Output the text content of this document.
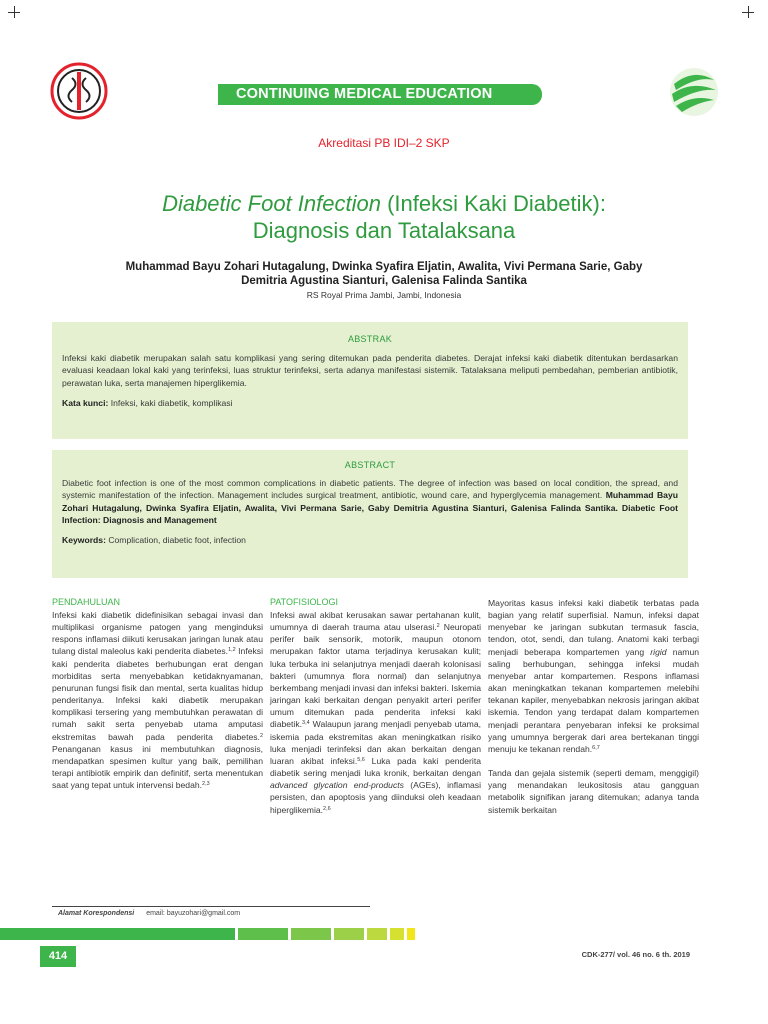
CONTINUING MEDICAL EDUCATION
Akreditasi PB IDI–2 SKP
Diabetic Foot Infection (Infeksi Kaki Diabetik):
Diagnosis dan Tatalaksana
Muhammad Bayu Zohari Hutagalung, Dwinka Syafira Eljatin, Awalita, Vivi Permana Sarie, Gaby
Demitria Agustina Sianturi, Galenisa Falinda Santika
RS Royal Prima Jambi, Jambi, Indonesia
ABSTRAK

Infeksi kaki diabetik merupakan salah satu komplikasi yang sering ditemukan pada penderita diabetes. Derajat infeksi kaki diabetik ditentukan berdasarkan evaluasi keadaan lokal kaki yang terinfeksi, luas struktur terinfeksi, serta adanya manifestasi sistemik. Tatalaksana meliputi pembedahan, pemberian antibiotik, perawatan luka, serta manajemen hiperglikemia.

Kata kunci: Infeksi, kaki diabetik, komplikasi

ABSTRACT

Diabetic foot infection is one of the most common complications in diabetic patients. The degree of infection was based on local condition, the spread, and systemic manifestation of the infection. Management includes surgical treatment, antibiotic, wound care, and hyperglycemia management. Muhammad Bayu Zohari Hutagalung, Dwinka Syafira Eljatin, Awalita, Vivi Permana Sarie, Gaby Demitria Agustina Sianturi, Galenisa Falinda Santika. Diabetic Foot Infection: Diagnosis and Management

Keywords: Complication, diabetic foot, infection

PENDAHULUAN

Infeksi kaki diabetik didefinisikan sebagai invasi dan multiplikasi organisme patogen yang menginduksi respons inflamasi diikuti kerusakan jaringan lunak atau tulang distal maleolus kaki penderita diabetes.$^{1,2}$ Infeksi kaki penderita diabetes berhubungan erat dengan morbiditas serta menyebabkan ketidaknyamanan, penurunan fungsi fisik dan mental, serta kualitas hidup penderitanya. Infeksi kaki diabetik merupakan komplikasi tersering yang membutuhkan perawatan di rumah sakit serta penyebab utama amputasi ekstremitas bawah pada penderita diabetes.$^2$ Penanganan kasus ini membutuhkan diagnosis, mendapatkan spesimen kultur yang baik, pemilihan terapi antibiotik empirik dan definitif, serta menentukan saat yang tepat untuk intervensi bedah.$^{2,3}$

PATOFISIOLOGI

Infeksi awal akibat kerusakan sawar pertahanan kulit, umumnya di daerah trauma atau ulserasi.$^2$ Neuropati perifer baik sensorik, motorik, maupun otonom merupakan faktor utama terjadinya kerusakan kulit; luka terbuka ini selanjutnya menjadi daerah kolonisasi bakteri (umumnya flora normal) dan selanjutnya berkembang menjadi invasi dan infeksi bakteri. Iskemia jaringan kaki berkaitan dengan penyakit arteri perifer umum ditemukan pada penderita infeksi kaki diabetik.$^{3,4}$ Walaupun jarang menjadi penyebab utama, iskemia pada ekstremitas akan meningkatkan risiko luka menjadi terinfeksi dan akan berkaitan dengan luaran akibat infeksi.$^{5,6}$ Luka pada kaki penderita diabetik sering menjadi luka kronik, berkaitan dengan advanced glycation end-products (AGEs), inflamasi persisten, dan apoptosis yang diinduksi oleh keadaan hiperglikemia.$^{2,6}$

Mayoritas kasus infeksi kaki diabetik terbatas pada bagian yang relatif superfisial. Namun, infeksi dapat menyebar ke jaringan subkutan termasuk fascia, tendon, otot, sendi, dan tulang. Anatomi kaki terbagi menjadi beberapa kompartemen yang rigid namun saling berhubungan, sehingga infeksi mudah menyebar antar kompartemen. Respons inflamasi akan meningkatkan tekanan kompartemen melebihi tekanan kapiler, menyebabkan nekrosis jaringan akibat iskemia. Tendon yang terdapat dalam kompartemen menjadi perantara penyebaran infeksi ke proksimal yang umumnya bergerak dari area bertekanan tinggi menuju ke tekanan rendah.$^{6,7}$

Tanda dan gejala sistemik (seperti demam, menggigil) yang menandakan leukositosis atau gangguan metabolik signifikan jarang ditemukan; adanya tanda sistemik berkaitan

Alamat Korespondensi email: bayuzohari@gmail.com
414	CDK-277/ vol. 46 no. 6 th. 2019
